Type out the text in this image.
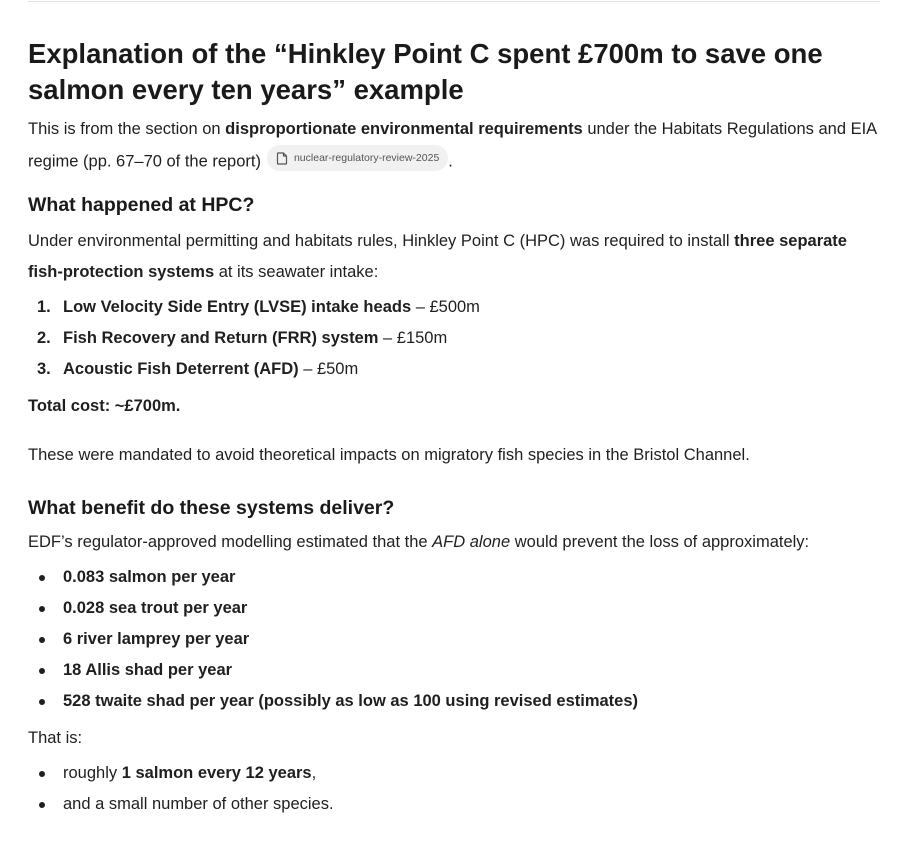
Explanation of the “Hinkley Point C spent £700m to save one salmon every ten years” example

This is from the section on disproportionate environmental requirements under the Habitats Regulations and EIA regime (pp. 67–70 of the report)	nuclear-regulatory-review-2025 .

What happened at HPC?

Under environmental permitting and habitats rules, Hinkley Point C (HPC) was required to install three separate fish-protection systems at its seawater intake:

1. Low Velocity Side Entry (LVSE) intake heads – £500m
2. Fish Recovery and Return (FRR) system – £150m
3. Acoustic Fish Deterrent (AFD) – £50m

Total cost: ~£700m.

These were mandated to avoid theoretical impacts on migratory fish species in the Bristol Channel.

What benefit do these systems deliver?

EDF’s regulator-approved modelling estimated that the AFD alone would prevent the loss of approximately:

0.083 salmon per year
0.028 sea trout per year
6 river lamprey per year
18 Allis shad per year
528 twaite shad per year (possibly as low as 100 using revised estimates)

That is:

roughly 1 salmon every 12 years,
and a small number of other species.
